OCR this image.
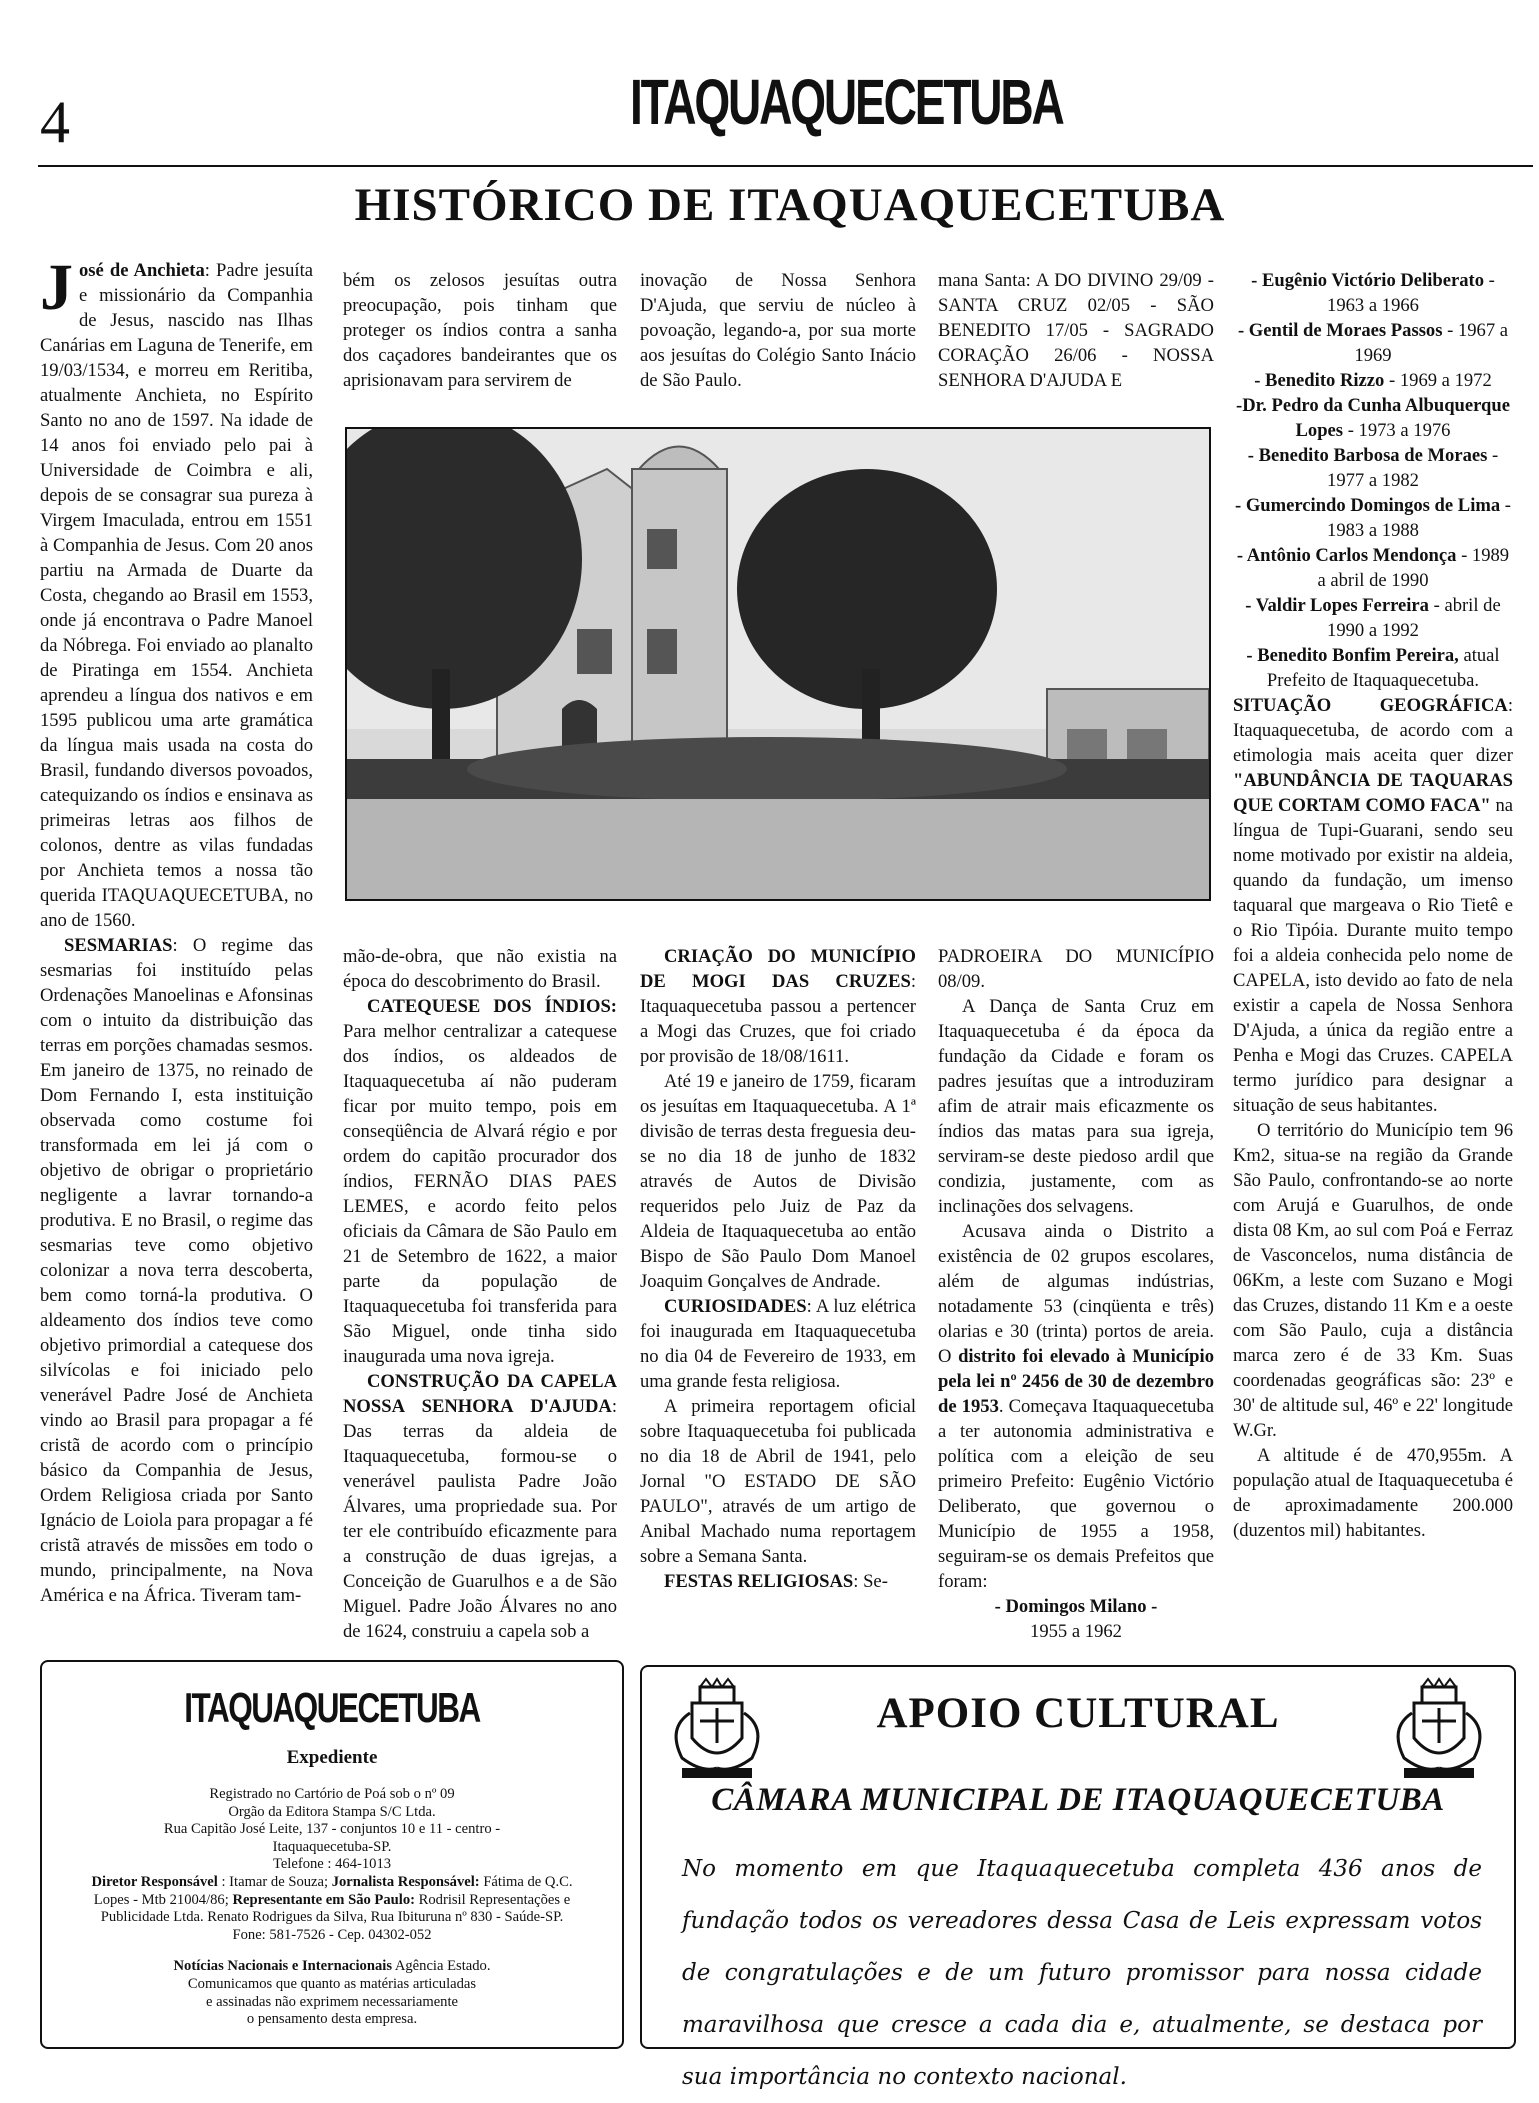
4	ITAQUAQUECETUBA
HISTÓRICO DE ITAQUAQUECETUBA

José de Anchieta: Padre jesuíta e missionário da Companhia de Jesus, nascido nas Ilhas Canárias em Laguna de Tenerife, em 19/03/1534, e morreu em Reritiba, atualmente Anchieta, no Espírito Santo no ano de 1597. Na idade de 14 anos foi enviado pelo pai à Universidade de Coimbra e ali, depois de se consagrar sua pureza à Virgem Imaculada, entrou em 1551 à Companhia de Jesus. Com 20 anos partiu na Armada de Duarte da Costa, chegando ao Brasil em 1553, onde já encontrava o Padre Manoel da Nóbrega. Foi enviado ao planalto de Piratinga em 1554. Anchieta aprendeu a língua dos nativos e em 1595 publicou uma arte gramática da língua mais usada na costa do Brasil, fundando diversos povoados, catequizando os índios e ensinava as primeiras letras aos filhos de colonos, dentre as vilas fundadas por Anchieta temos a nossa tão querida ITAQUAQUECETUBA, no ano de 1560.

SESMARIAS: O regime das sesmarias foi instituído pelas Ordenações Manoelinas e Afonsinas com o intuito da distribuição das terras em porções chamadas sesmos. Em janeiro de 1375, no reinado de Dom Fernando I, esta instituição observada como costume foi transformada em lei já com o objetivo de obrigar o proprietário negligente a lavrar tornando-a produtiva. E no Brasil, o regime das sesmarias teve como objetivo colonizar a nova terra descoberta, bem como torná-la produtiva. O aldeamento dos índios teve como objetivo primordial a catequese dos silvícolas e foi iniciado pelo venerável Padre José de Anchieta vindo ao Brasil para propagar a fé cristã de acordo com o princípio básico da Companhia de Jesus, Ordem Religiosa criada por Santo Ignácio de Loiola para propagar a fé cristã através de missões em todo o mundo, principalmente, na Nova América e na África. Tiveram tam-

bém os zelosos jesuítas outra preocupação, pois tinham que proteger os índios contra a sanha dos caçadores bandeirantes que os aprisionavam para servirem de

inovação de Nossa Senhora D'Ajuda, que serviu de núcleo à povoação, legando-a, por sua morte aos jesuítas do Colégio Santo Inácio de São Paulo.

mana Santa: A DO DIVINO 29/09 - SANTA CRUZ 02/05 - SÃO BENEDITO 17/05 - SAGRADO CORAÇÃO 26/06 - NOSSA SENHORA D'AJUDA E

mão-de-obra, que não existia na época do descobrimento do Brasil.

CATEQUESE DOS ÍNDIOS: Para melhor centralizar a catequese dos índios, os aldeados de Itaquaquecetuba aí não puderam ficar por muito tempo, pois em conseqüência de Alvará régio e por ordem do capitão procurador dos índios, FERNÃO DIAS PAES LEMES, e acordo feito pelos oficiais da Câmara de São Paulo em 21 de Setembro de 1622, a maior parte da população de Itaquaquecetuba foi transferida para São Miguel, onde tinha sido inaugurada uma nova igreja.

CONSTRUÇÃO DA CAPELA NOSSA SENHORA D'AJUDA: Das terras da aldeia de Itaquaquecetuba, formou-se o venerável paulista Padre João Álvares, uma propriedade sua. Por ter ele contribuído eficazmente para a construção de duas igrejas, a Conceição de Guarulhos e a de São Miguel. Padre João Álvares no ano de 1624, construiu a capela sob a

CRIAÇÃO DO MUNICÍPIO DE MOGI DAS CRUZES: Itaquaquecetuba passou a pertencer a Mogi das Cruzes, que foi criado por provisão de 18/08/1611.

Até 19 e janeiro de 1759, ficaram os jesuítas em Itaquaquecetuba. A 1ª divisão de terras desta freguesia deu-se no dia 18 de junho de 1832 através de Autos de Divisão requeridos pelo Juiz de Paz da Aldeia de Itaquaquecetuba ao então Bispo de São Paulo Dom Manoel Joaquim Gonçalves de Andrade.

CURIOSIDADES: A luz elétrica foi inaugurada em Itaquaquecetuba no dia 04 de Fevereiro de 1933, em uma grande festa religiosa.

A primeira reportagem oficial sobre Itaquaquecetuba foi publicada no dia 18 de Abril de 1941, pelo Jornal "O ESTADO DE SÃO PAULO", através de um artigo de Anibal Machado numa reportagem sobre a Semana Santa.

FESTAS RELIGIOSAS: Se-

PADROEIRA DO MUNICÍPIO 08/09.

A Dança de Santa Cruz em Itaquaquecetuba é da época da fundação da Cidade e foram os padres jesuítas que a introduziram afim de atrair mais eficazmente os índios das matas para sua igreja, serviram-se deste piedoso ardil que condizia, justamente, com as inclinações dos selvagens.

Acusava ainda o Distrito a existência de 02 grupos escolares, além de algumas indústrias, notadamente 53 (cinqüenta e três) olarias e 30 (trinta) portos de areia. O distrito foi elevado à Município pela lei nº 2456 de 30 de dezembro de 1953. Começava Itaquaquecetuba a ter autonomia administrativa e política com a eleição de seu primeiro Prefeito: Eugênio Victório Deliberato, que governou o Município de 1955 a 1958, seguiram-se os demais Prefeitos que foram:

- Domingos Milano -

1955 a 1962

- Eugênio Victório Deliberato - 1963 a 1966

- Gentil de Moraes Passos - 1967 a 1969

- Benedito Rizzo - 1969 a 1972

-Dr. Pedro da Cunha Albuquerque Lopes - 1973 a 1976

- Benedito Barbosa de Moraes - 1977 a 1982

- Gumercindo Domingos de Lima - 1983 a 1988

- Antônio Carlos Mendonça - 1989 a abril de 1990

- Valdir Lopes Ferreira - abril de 1990 a 1992

- Benedito Bonfim Pereira, atual Prefeito de Itaquaquecetuba.

SITUAÇÃO GEOGRÁFICA: Itaquaquecetuba, de acordo com a etimologia mais aceita quer dizer "ABUNDÂNCIA DE TAQUARAS QUE CORTAM COMO FACA" na língua de Tupi-Guarani, sendo seu nome motivado por existir na aldeia, quando da fundação, um imenso taquaral que margeava o Rio Tietê e o Rio Tipóia. Durante muito tempo foi a aldeia conhecida pelo nome de CAPELA, isto devido ao fato de nela existir a capela de Nossa Senhora D'Ajuda, a única da região entre a Penha e Mogi das Cruzes. CAPELA termo jurídico para designar a situação de seus habitantes.

O território do Município tem 96 Km2, situa-se na região da Grande São Paulo, confrontando-se ao norte com Arujá e Guarulhos, de onde dista 08 Km, ao sul com Poá e Ferraz de Vasconcelos, numa distância de 06Km, a leste com Suzano e Mogi das Cruzes, distando 11 Km e a oeste com São Paulo, cuja a distância marca zero é de 33 Km. Suas coordenadas geográficas são: 23º e 30' de altitude sul, 46º e 22' longitude W.Gr.

A altitude é de 470,955m. A população atual de Itaquaquecetuba é de aproximadamente 200.000 (duzentos mil) habitantes.

ITAQUAQUECETUBA
Expediente
Registrado no Cartório de Poá sob o nº 09
Orgão da Editora Stampa S/C Ltda.
Rua Capitão José Leite, 137 - conjuntos 10 e 11 - centro -
Itaquaquecetuba-SP.
Telefone : 464-1013
Diretor Responsável : Itamar de Souza; Jornalista Responsável: Fátima de Q.C. Lopes - Mtb 21004/86; Representante em São Paulo: Rodrisil Representações e Publicidade Ltda. Renato Rodrigues da Silva, Rua Ibituruna nº 830 - Saúde-SP.
Fone: 581-7526 - Cep. 04302-052
Notícias Nacionais e Internacionais Agência Estado.
Comunicamos que quanto as matérias articuladas
e assinadas não exprimem necessariamente
o pensamento desta empresa.
APOIO CULTURAL
CÂMARA MUNICIPAL DE ITAQUAQUECETUBA
No momento em que Itaquaquecetuba completa 436 anos de fundação todos os vereadores dessa Casa de Leis expressam votos de congratulações e de um futuro promissor para nossa cidade maravilhosa que cresce a cada dia e, atualmente, se destaca por sua importância no contexto nacional.
